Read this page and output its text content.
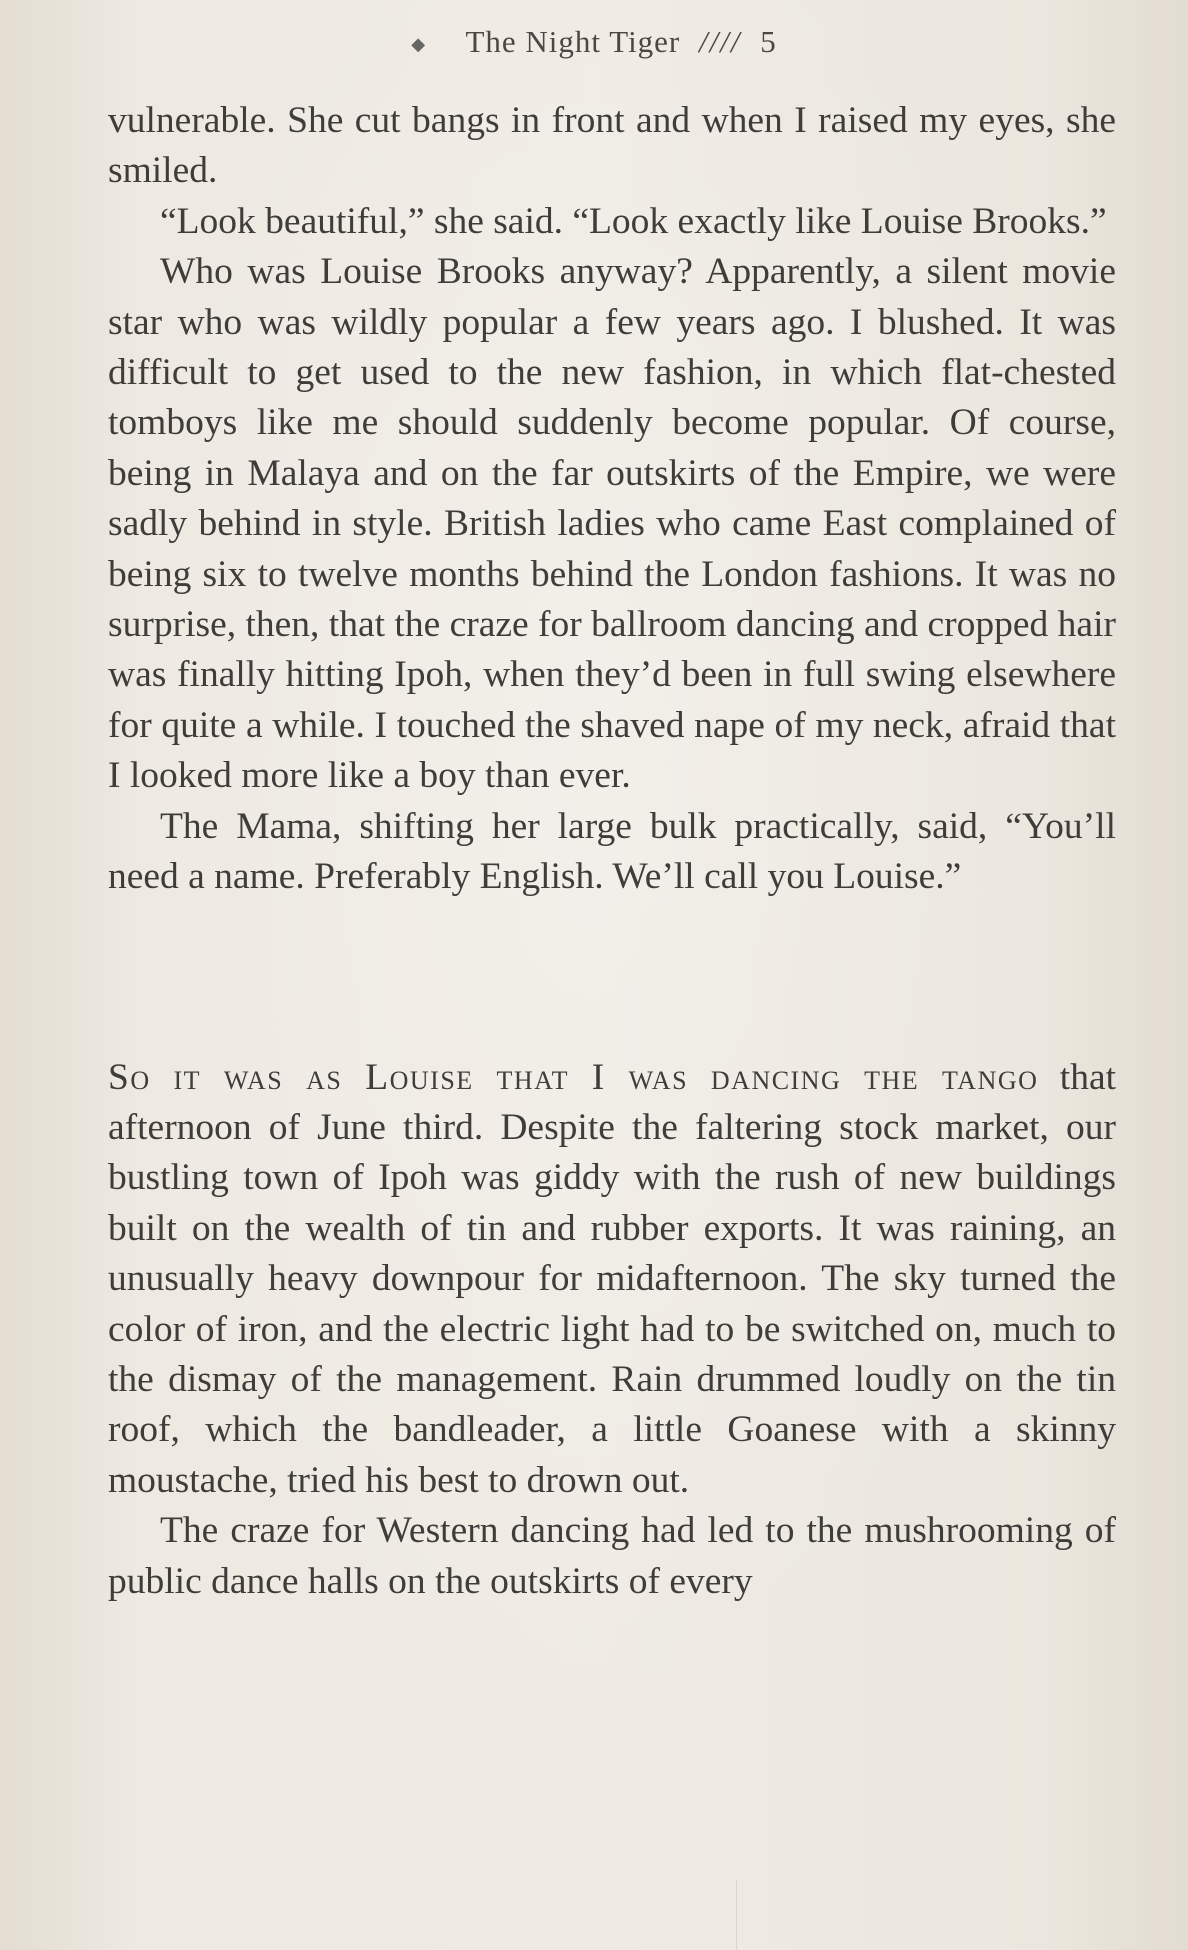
◆ The Night Tiger //// 5

vulnerable. She cut bangs in front and when I raised my eyes, she smiled.

“Look beautiful,” she said. “Look exactly like Louise Brooks.”

Who was Louise Brooks anyway? Apparently, a silent movie star who was wildly popular a few years ago. I blushed. It was difficult to get used to the new fashion, in which flat-chested tomboys like me should suddenly become popular. Of course, being in Malaya and on the far outskirts of the Empire, we were sadly behind in style. British ladies who came East complained of being six to twelve months behind the London fashions. It was no surprise, then, that the craze for ballroom dancing and cropped hair was finally hitting Ipoh, when they’d been in full swing elsewhere for quite a while. I touched the shaved nape of my neck, afraid that I looked more like a boy than ever.

The Mama, shifting her large bulk practically, said, “You’ll need a name. Preferably English. We’ll call you Louise.”

So it was as Louise that I was dancing the tango that afternoon of June third. Despite the faltering stock market, our bustling town of Ipoh was giddy with the rush of new buildings built on the wealth of tin and rubber exports. It was raining, an unusually heavy downpour for midafternoon. The sky turned the color of iron, and the electric light had to be switched on, much to the dismay of the management. Rain drummed loudly on the tin roof, which the bandleader, a little Goanese with a skinny moustache, tried his best to drown out.

The craze for Western dancing had led to the mushrooming of public dance halls on the outskirts of every
